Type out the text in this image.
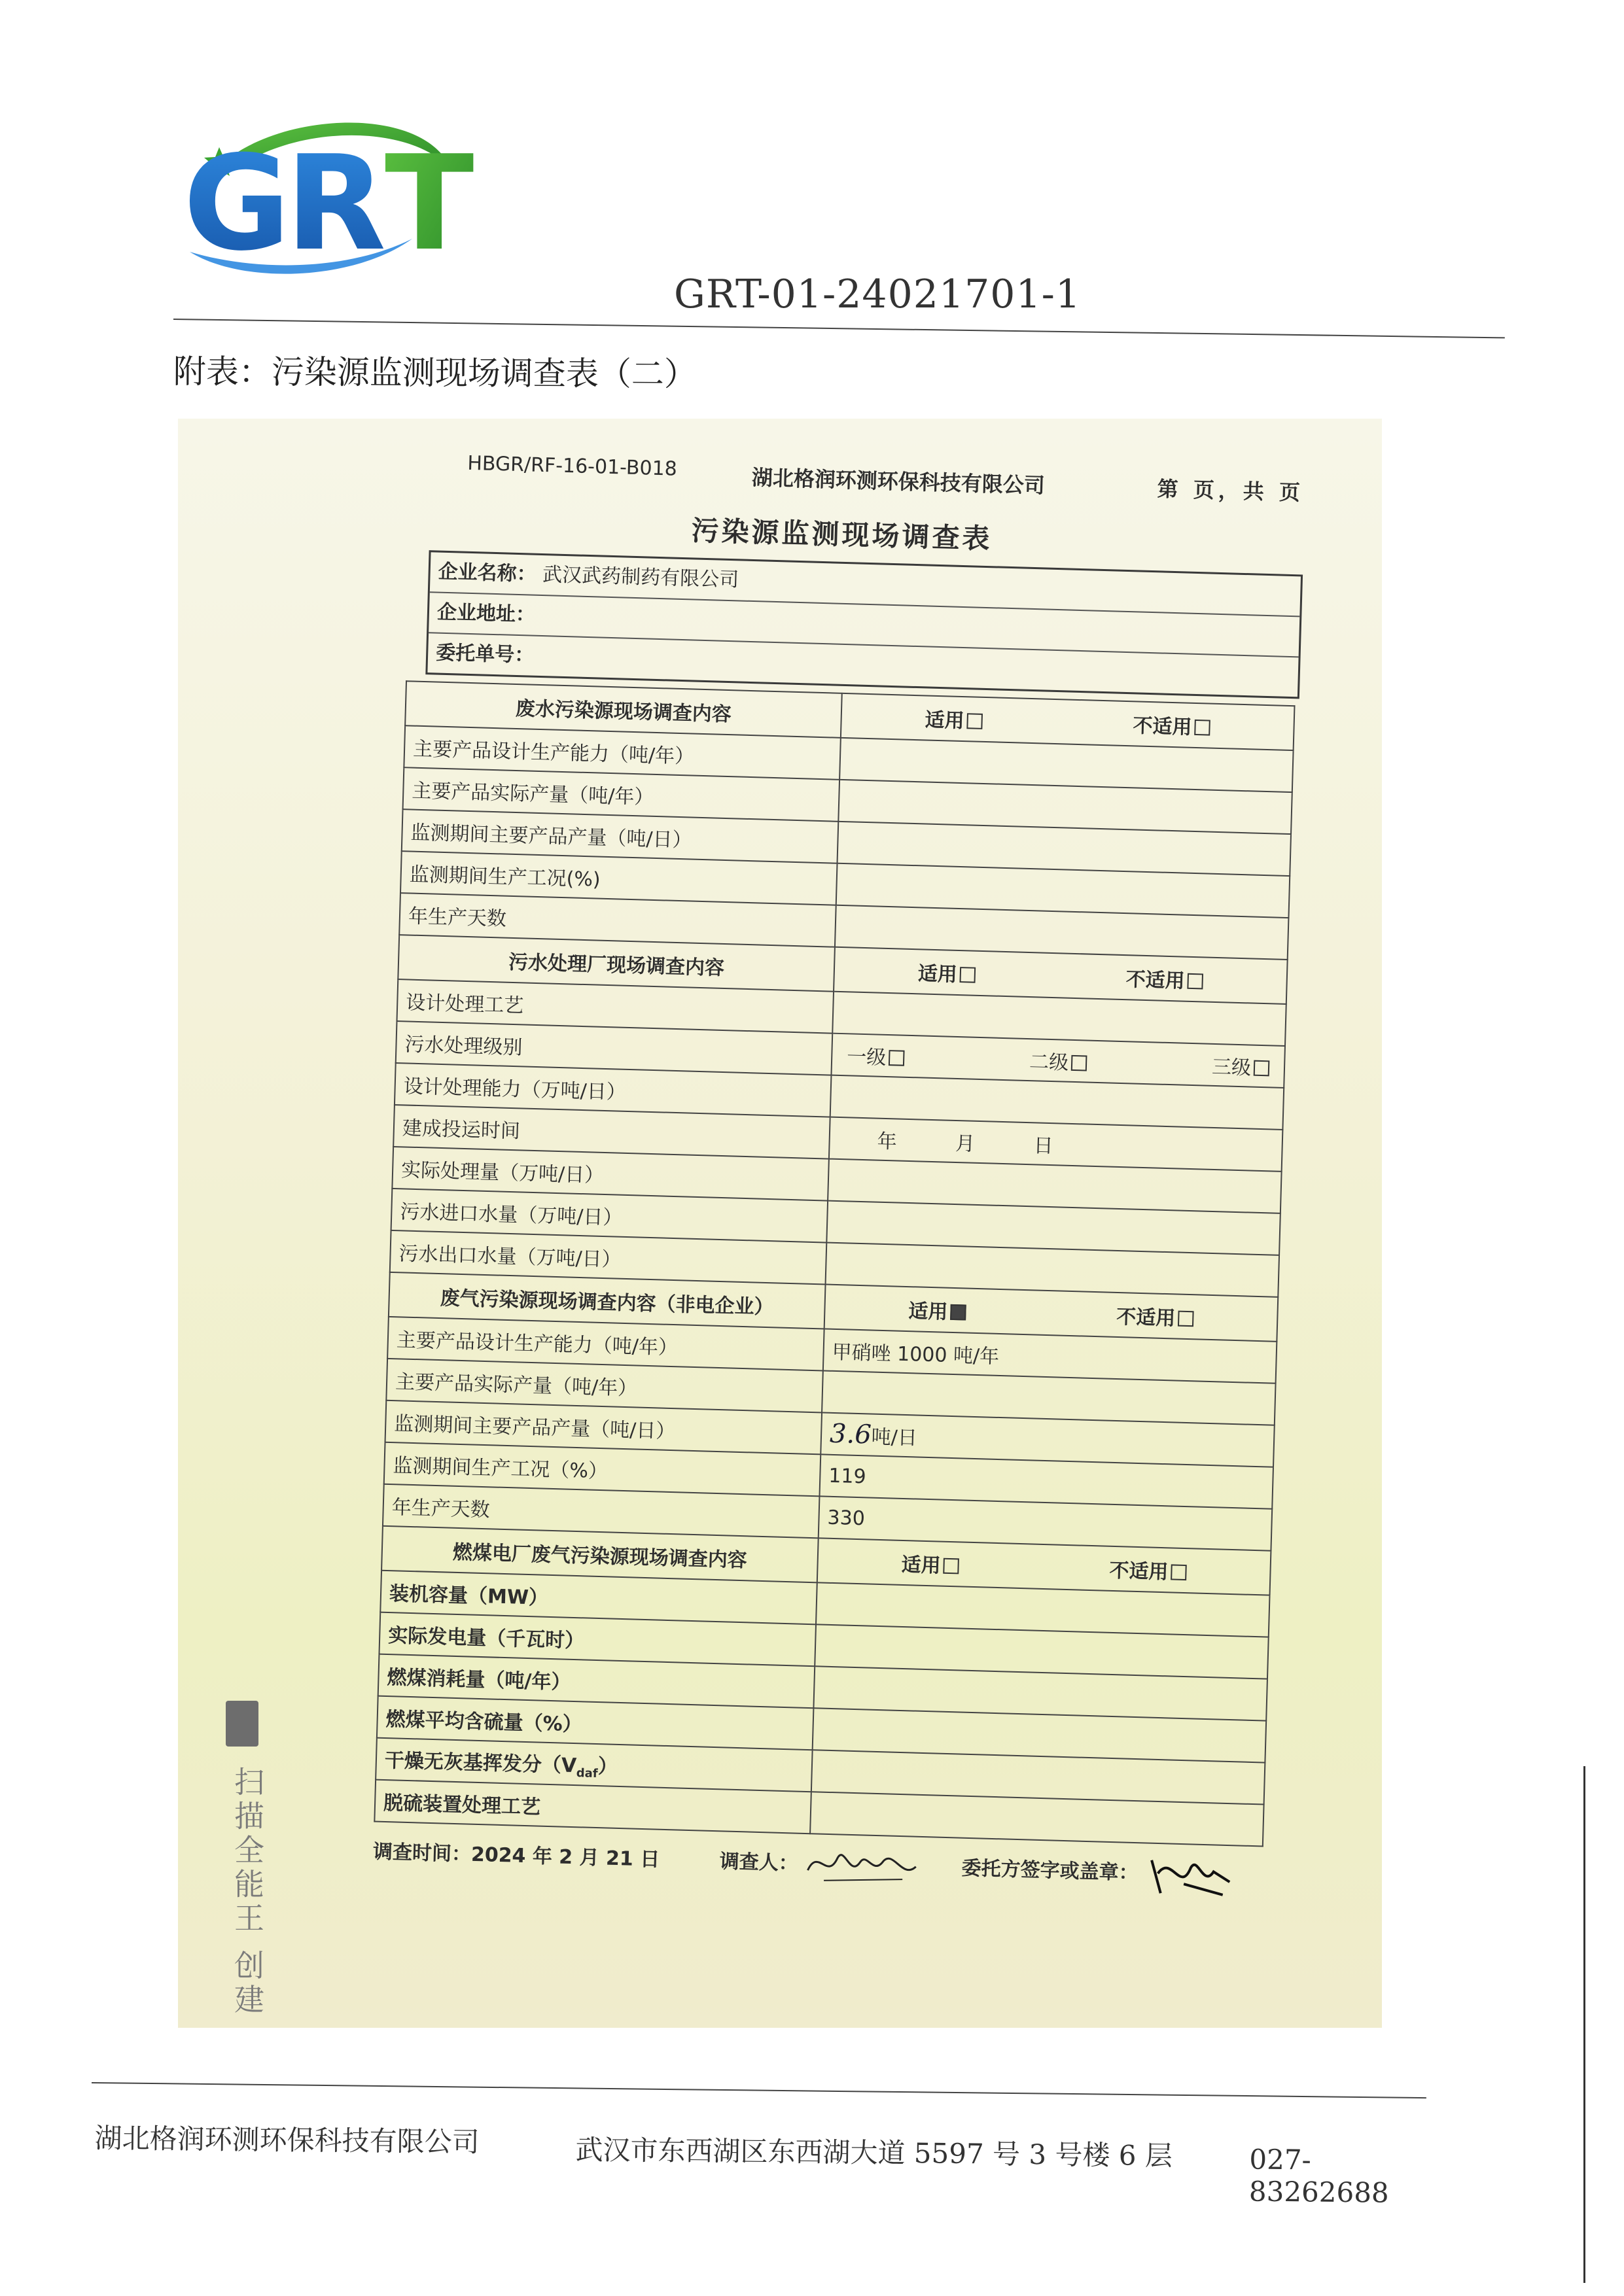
GR T
GRT-01-24021701-1
附表：污染源监测现场调查表（二）
HBGR/RF-16-01-B018	湖北格润环测环保科技有限公司	第 页，共 页
污染源监测现场调查表
企业名称： 武汉武药制药有限公司
企业地址：
委托单号：
废水污染源现场调查内容	适用 不适用

主要产品设计生产能力（吨/年）	
主要产品实际产量（吨/年）	
监测期间主要产品产量（吨/日）	
监测期间生产工况(%)	
年生产天数	
污水处理厂现场调查内容	适用 不适用

设计处理工艺	
污水处理级别	一级 二级 三级

设计处理能力（万吨/日）	
建成投运时间	年 月 日
实际处理量（万吨/日）	
污水进口水量（万吨/日）	
污水出口水量（万吨/日）	
废气污染源现场调查内容（非电企业）	适用 不适用

主要产品设计生产能力（吨/年）	甲硝唑 1000 吨/年
主要产品实际产量（吨/年）	
监测期间主要产品产量（吨/日）	3.6吨/日
监测期间生产工况（%）	119
年生产天数	330
燃煤电厂废气污染源现场调查内容	适用 不适用

装机容量（MW）	
实际发电量（千瓦时）	
燃煤消耗量（吨/年）	
燃煤平均含硫量（%）	
干燥无灰基挥发分$(V_{daf})$	
脱硫装置处理工艺	
调查时间：2024 年 2 月 21 日	调查人：	委托方签字或盖章：
扫描全能王 创建
湖北格润环测环保科技有限公司	武汉市东西湖区东西湖大道 5597 号 3 号楼 6 层	027-83262688
